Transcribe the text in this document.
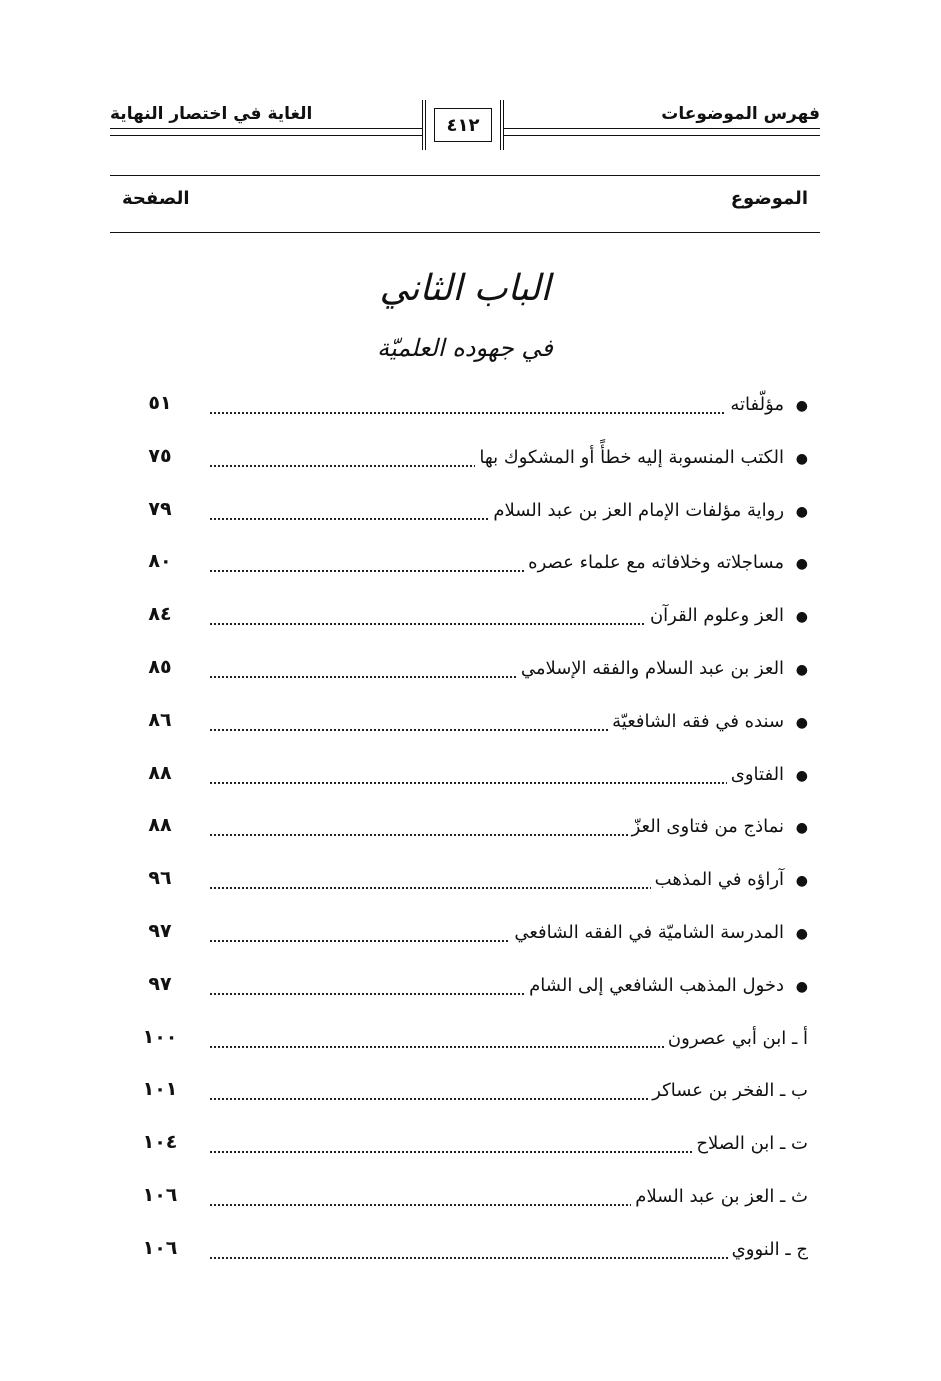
فهرس الموضوعات
الغاية في اختصار النهاية
٤١٢
الموضوع
الصفحة
الباب الثاني
في جهوده العلميّة
● مؤلّفاته
٥١
● الكتب المنسوبة إليه خطأً أو المشكوك بها
٧٥
● رواية مؤلفات الإمام العز بن عبد السلام
٧٩
● مساجلاته وخلافاته مع علماء عصره
٨٠
● العز وعلوم القرآن
٨٤
● العز بن عبد السلام والفقه الإسلامي
٨٥
● سنده في فقه الشافعيّة
٨٦
● الفتاوى
٨٨
● نماذج من فتاوى العزّ
٨٨
● آراؤه في المذهب
٩٦
● المدرسة الشاميّة في الفقه الشافعي
٩٧
● دخول المذهب الشافعي إلى الشام
٩٧
أ ـ ابن أبي عصرون
١٠٠
ب ـ الفخر بن عساكر
١٠١
ت ـ ابن الصلاح
١٠٤
ث ـ العز بن عبد السلام
١٠٦
ج ـ النووي
١٠٦
